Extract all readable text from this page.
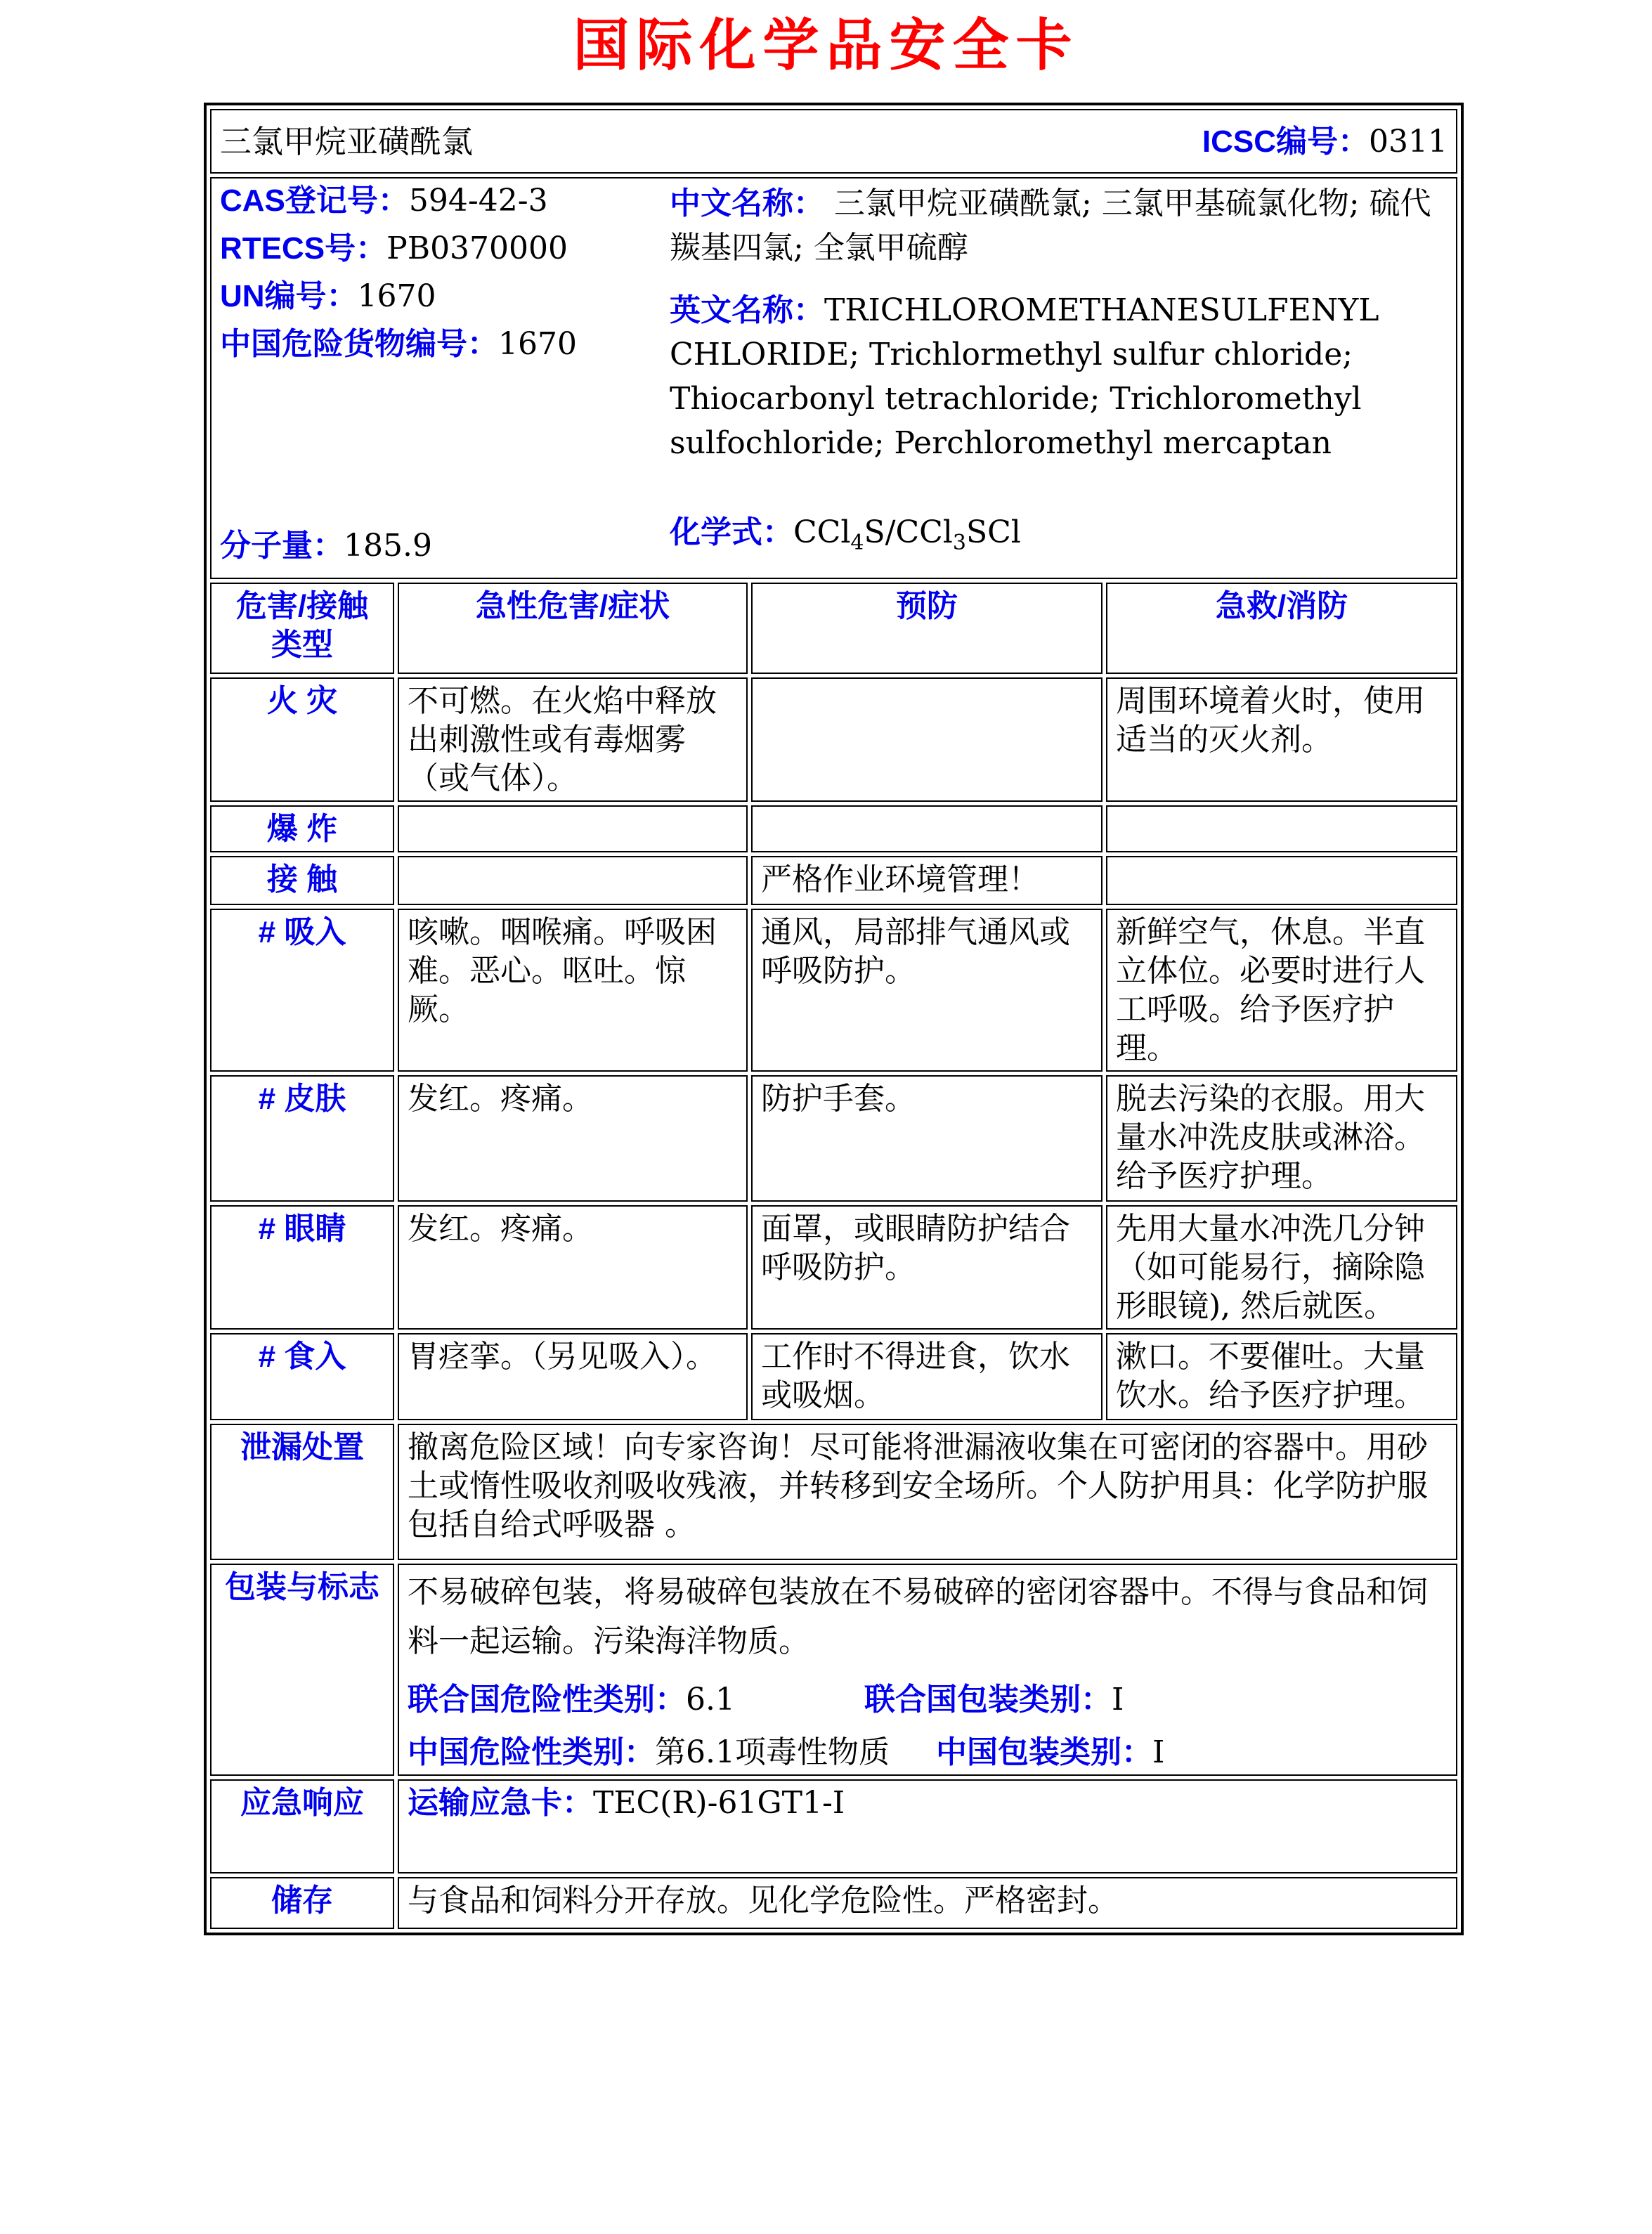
国际化学品安全卡
三氯甲烷亚磺酰氯 ICSC编号：0311			

CAS登记号：594-42-3
RTECS号：PB0370000
UN编号：1670
中国危险货物编号：1670
分子量：185.9
中文名称： 三氯甲烷亚磺酰氯; 三氯甲基硫氯化物; 硫代羰基四氯; 全氯甲硫醇
英文名称：TRICHLOROMETHANESULFENYL CHLORIDE; Trichlormethyl sulfur chloride; Thiocarbonyl tetrachloride; Trichloromethyl sulfochloride; Perchloromethyl mercaptan
化学式：CCl$_4$S/CCl$_3$SCl

危害/接触
类型	急性危害/症状	预防	急救/消防
火 灾	不可燃。在火焰中释放出刺激性或有毒烟雾（或气体）。		周围环境着火时，使用适当的灭火剂。
爆 炸			
接 触		严格作业环境管理！	
# 吸入	咳嗽。咽喉痛。呼吸困难。恶心。呕吐。惊厥。	通风，局部排气通风或呼吸防护。	新鲜空气，休息。半直立体位。必要时进行人工呼吸。给予医疗护理。
# 皮肤	发红。疼痛。	防护手套。	脱去污染的衣服。用大量水冲洗皮肤或淋浴。给予医疗护理。
# 眼睛	发红。疼痛。	面罩，或眼睛防护结合呼吸防护。	先用大量水冲洗几分钟（如可能易行，摘除隐形眼镜), 然后就医。
# 食入	胃痉挛。（另见吸入）。	工作时不得进食，饮水或吸烟。	漱口。不要催吐。大量饮水。给予医疗护理。
泄漏处置	撤离危险区域！向专家咨询！尽可能将泄漏液收集在可密闭的容器中。用砂土或惰性吸收剂吸收残液，并转移到安全场所。个人防护用具：化学防护服包括自给式呼吸器 。		
包装与标志	不易破碎包装，将易破碎包装放在不易破碎的密闭容器中。不得与食品和饲料一起运输。污染海洋物质。
联合国危险性类别：6.1 联合国包装类别：I
中国危险性类别：第6.1项毒性物质 中国包装类别：I		

应急响应	运输应急卡：TEC(R)-61GT1-I		
储存	与食品和饲料分开存放。见化学危险性。严格密封。		
